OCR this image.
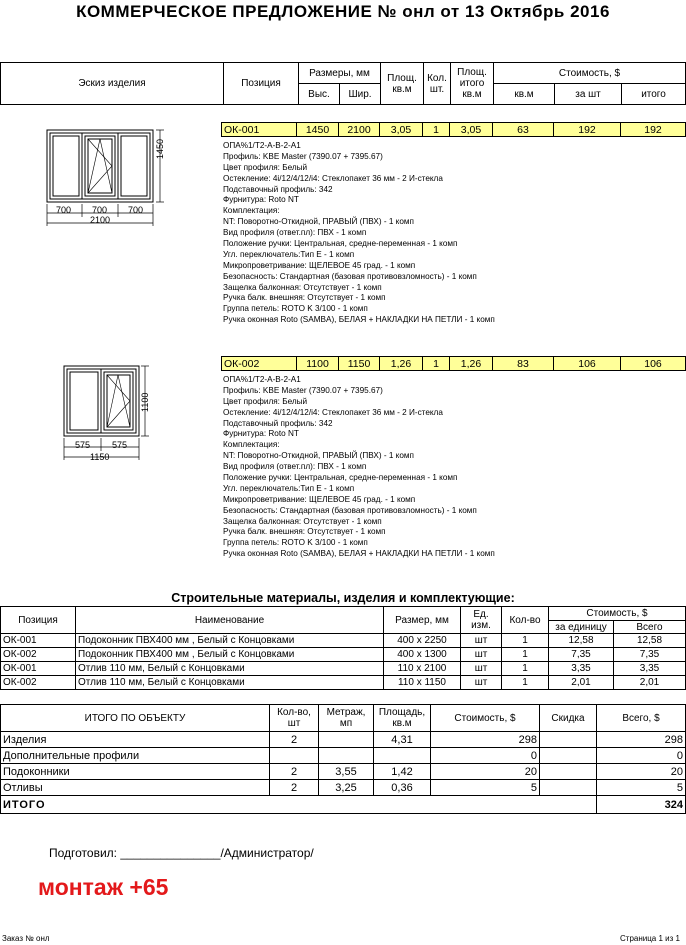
КОММЕРЧЕСКОЕ ПРЕДЛОЖЕНИЕ № онл от 13 Октябрь 2016
Эскиз изделия	Позиция	Размеры, мм		Площ. кв.м	Кол. шт.	Площ. итого кв.м	Стоимость, $		
		Выс.	Шир.				кв.м	за шт	итого
ОК-001	1450	2100	3,05	1	3,05	63	192	192
ОПА%1/Т2-А-В-2-А1
Профиль: KBE Master (7390.07 + 7395.67)
Цвет профиля: Белый
Остекление: 4i/12/4/12/i4: Стеклопакет 36 мм - 2 И-стекла
Подставочный профиль: 342
Фурнитура: Roto NT
Комплектация:
NT: Поворотно-Откидной, ПРАВЫЙ (ПВХ) - 1 комп
Вид профиля (ответ.пл): ПВХ - 1 комп
Положение ручки: Центральная, средне-переменная - 1 комп
Угл. переключатель:Тип Е - 1 комп
Микропроветривание: ЩЕЛЕВОЕ 45 град. - 1 комп
Безопасность: Стандартная (базовая противовзломность) - 1 комп
Защелка балконная: Отсутствует - 1 комп
Ручка балк. внешняя: Отсутствует - 1 комп
Группа петель: ROTO K 3/100 - 1 комп
Ручка оконная Roto (SAMBA), БЕЛАЯ + НАКЛАДКИ НА ПЕТЛИ - 1 комп
1450
700 700 700
2100
ОК-002	1100	1150	1,26	1	1,26	83	106	106
ОПА%1/Т2-А-В-2-А1
Профиль: KBE Master (7390.07 + 7395.67)
Цвет профиля: Белый
Остекление: 4i/12/4/12/i4: Стеклопакет 36 мм - 2 И-стекла
Подставочный профиль: 342
Фурнитура: Roto NT
Комплектация:
NT: Поворотно-Откидной, ПРАВЫЙ (ПВХ) - 1 комп
Вид профиля (ответ.пл): ПВХ - 1 комп
Положение ручки: Центральная, средне-переменная - 1 комп
Угл. переключатель:Тип Е - 1 комп
Микропроветривание: ЩЕЛЕВОЕ 45 град. - 1 комп
Безопасность: Стандартная (базовая противовзломность) - 1 комп
Защелка балконная: Отсутствует - 1 комп
Ручка балк. внешняя: Отсутствует - 1 комп
Группа петель: ROTO K 3/100 - 1 комп
Ручка оконная Roto (SAMBA), БЕЛАЯ + НАКЛАДКИ НА ПЕТЛИ - 1 комп
1100
575 575
1150
Строительные материалы, изделия и комплектующие:
Позиция	Наименование	Размер, мм	Ед. изм.	Кол-во	Стоимость, $	
					за единицу	Всего
ОК-001	Подоконник ПВХ400 мм , Белый с Концовками	400 x 2250	шт	1	12,58	12,58
ОК-002	Подоконник ПВХ400 мм , Белый с Концовками	400 x 1300	шт	1	7,35	7,35
ОК-001	Отлив 110 мм, Белый с Концовками	110 x 2100	шт	1	3,35	3,35
ОК-002	Отлив 110 мм, Белый с Концовками	110 x 1150	шт	1	2,01	2,01
ИТОГО ПО ОБЪЕКТУ	Кол-во, шт	Метраж, мп	Площадь, кв.м	Стоимость, $	Скидка	Всего, $
Изделия	2		4,31	298		298
Дополнительные профили				0		0
Подоконники	2	3,55	1,42	20		20
Отливы	2	3,25	0,36	5		5
ИТОГО						324
Подготовил: _______________/Администратор/
монтаж +65
Заказ № онл	Страница 1 из 1
